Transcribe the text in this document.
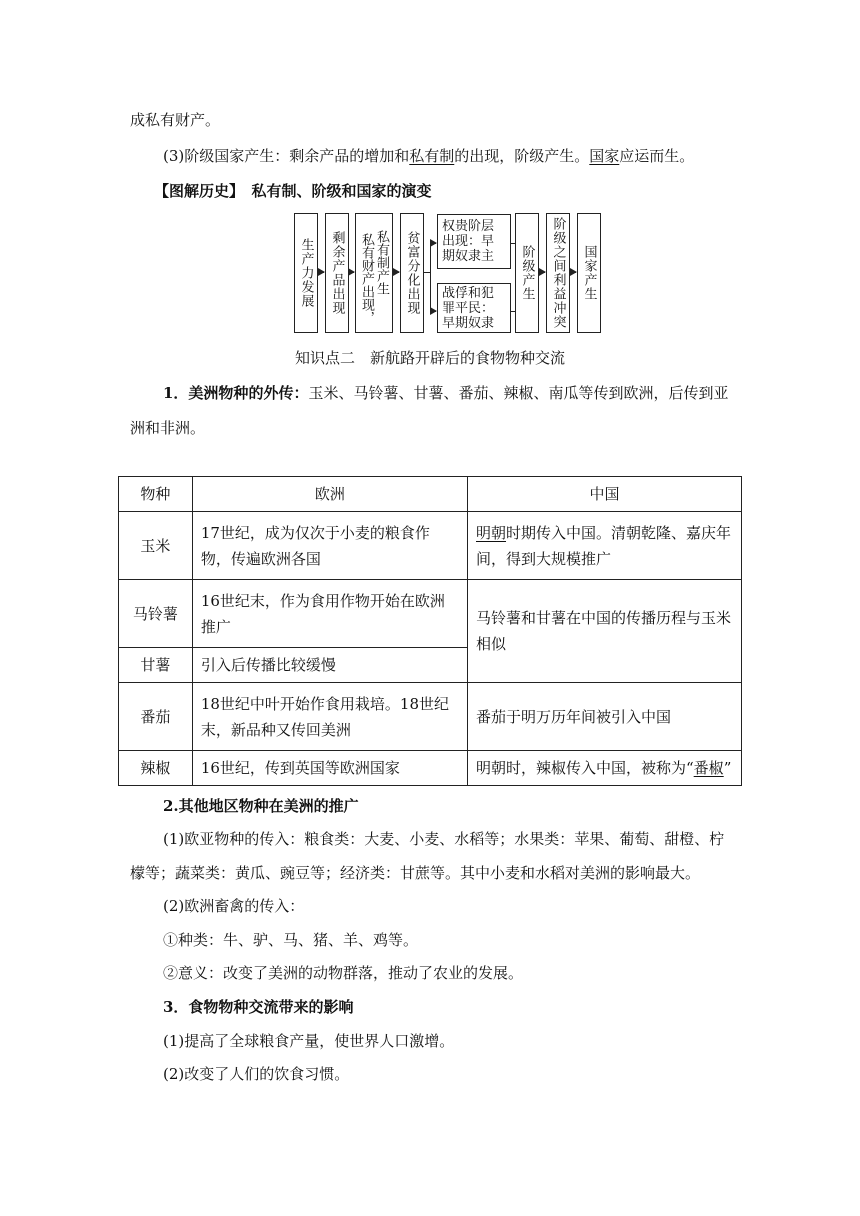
成私有财产。
(3)阶级国家产生：剩余产品的增加和私有制的出现，阶级产生。国家应运而生。
【图解历史】　 私有制、阶级和国家的演变
生产力发展 剩余产品出现 私有财产出现， 私有制产生 贫富分化出现
权贵阶层出现：早期奴隶主
战俘和犯罪平民：早期奴隶
阶级产生 阶级之间利益冲突 国家产生
知识点二　新航路开辟后的食物物种交流
1．美洲物种的外传：玉米、马铃薯、甘薯、番茄、辣椒、南瓜等传到欧洲，后传到亚
洲和非洲。
物种	欧洲	中国
玉米	17世纪，成为仅次于小麦的粮食作物，传遍欧洲各国	明朝时期传入中国。清朝乾隆、嘉庆年间，得到大规模推广
马铃薯	16世纪末，作为食用作物开始在欧洲推广	马铃薯和甘薯在中国的传播历程与玉米相似
甘薯	引入后传播比较缓慢	
番茄	18世纪中叶开始作食用栽培。18世纪末，新品种又传回美洲	番茄于明万历年间被引入中国
辣椒	16世纪，传到英国等欧洲国家	明朝时，辣椒传入中国，被称为“番椒”
2.其他地区物种在美洲的推广
(1)欧亚物种的传入：粮食类：大麦、小麦、水稻等；水果类：苹果、葡萄、甜橙、柠
檬等；蔬菜类：黄瓜、豌豆等；经济类：甘蔗等。其中小麦和水稻对美洲的影响最大。
(2)欧洲畜禽的传入：
①种类：牛、驴、马、猪、羊、鸡等。
②意义：改变了美洲的动物群落，推动了农业的发展。
3．食物物种交流带来的影响
(1)提高了全球粮食产量，使世界人口激增。
(2)改变了人们的饮食习惯。
